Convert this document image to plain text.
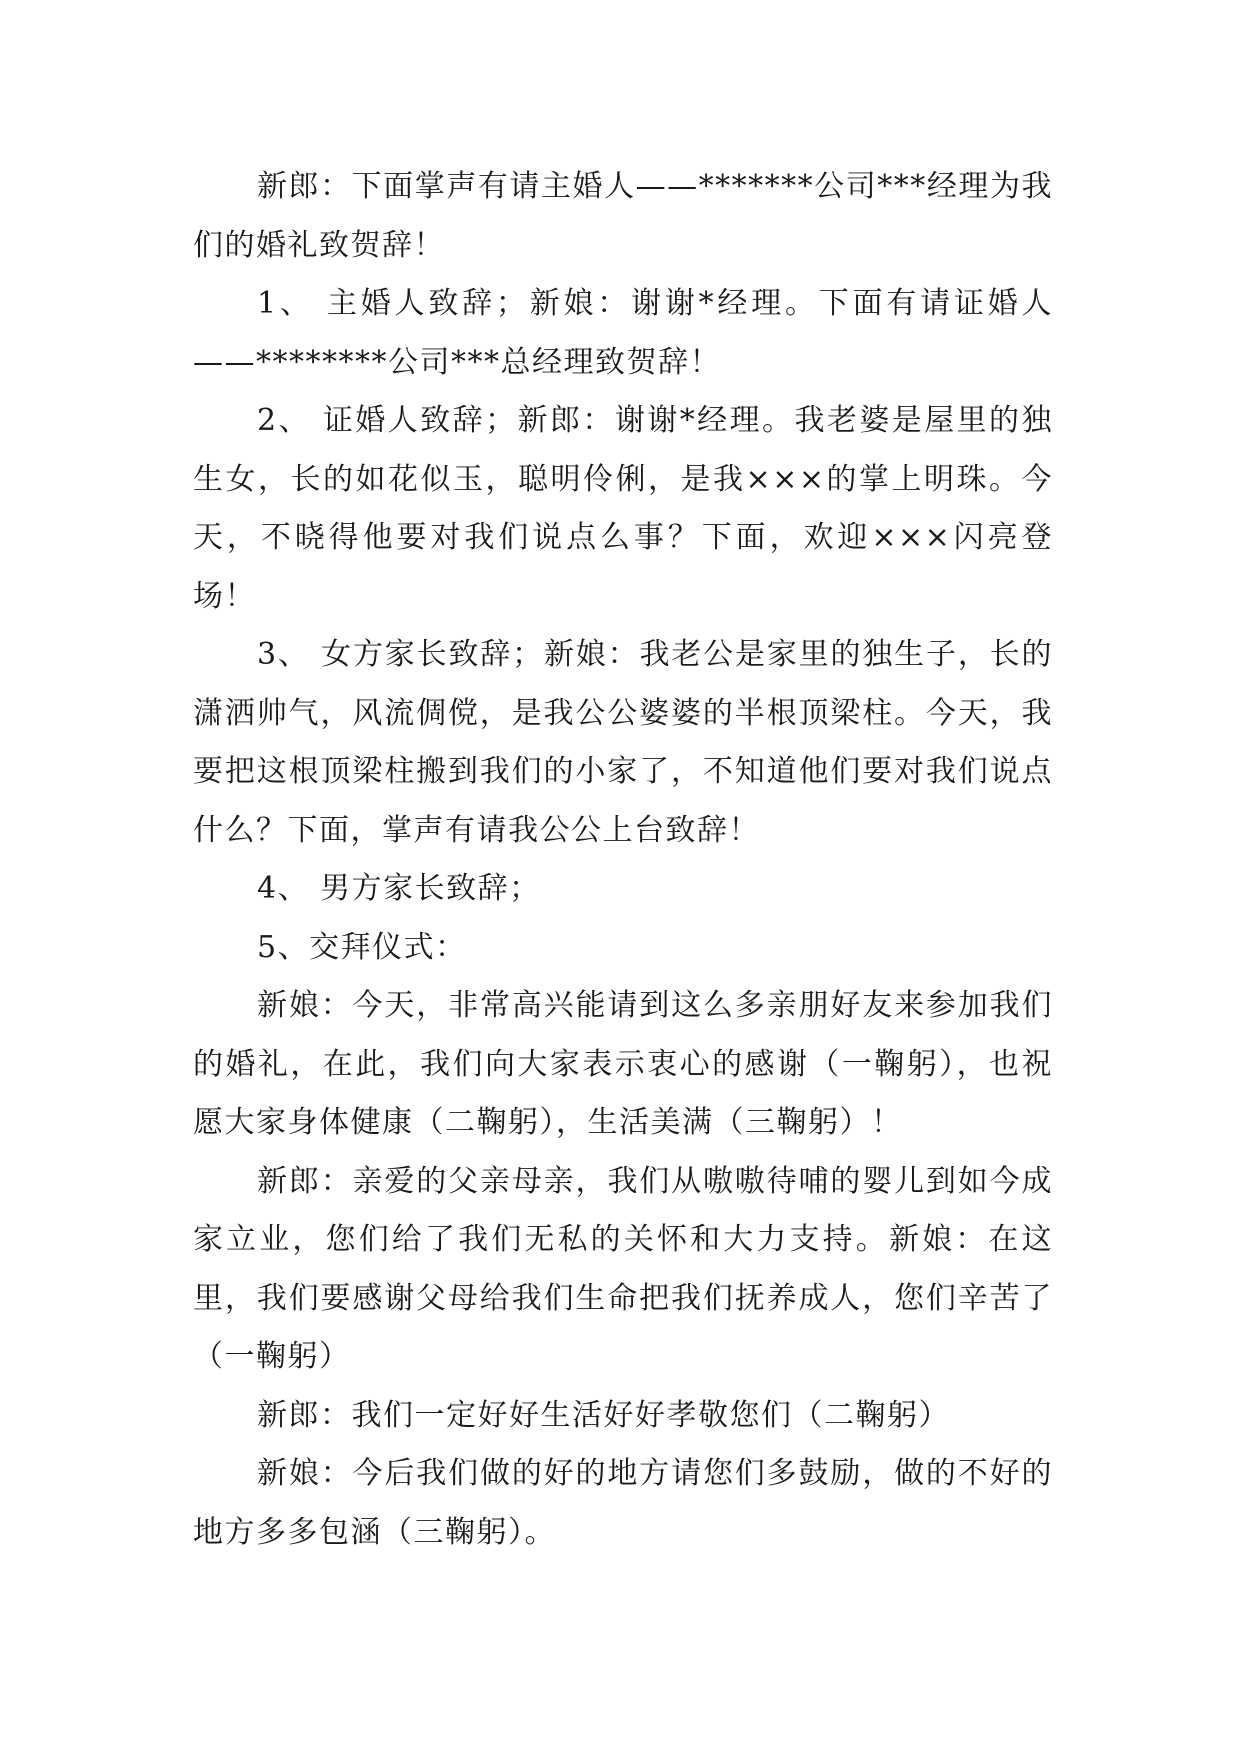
新郎：下面掌声有请主婚人——*******公司***经理为我们的婚礼致贺辞！

1、 主婚人致辞；新娘：谢谢*经理。下面有请证婚人——********公司***总经理致贺辞！

2、 证婚人致辞；新郎：谢谢*经理。我老婆是屋里的独生女，长的如花似玉，聪明伶俐，是我×××的掌上明珠。今天，不晓得他要对我们说点么事？下面，欢迎×××闪亮登场！

3、 女方家长致辞；新娘：我老公是家里的独生子，长的潇洒帅气，风流倜傥，是我公公婆婆的半根顶梁柱。今天，我要把这根顶梁柱搬到我们的小家了，不知道他们要对我们说点什么？下面，掌声有请我公公上台致辞！

4、 男方家长致辞；

5、交拜仪式：

新娘：今天，非常高兴能请到这么多亲朋好友来参加我们的婚礼，在此，我们向大家表示衷心的感谢（一鞠躬），也祝愿大家身体健康（二鞠躬），生活美满（三鞠躬）！

新郎：亲爱的父亲母亲，我们从嗷嗷待哺的婴儿到如今成家立业，您们给了我们无私的关怀和大力支持。新娘：在这里，我们要感谢父母给我们生命把我们抚养成人，您们辛苦了（一鞠躬）

新郎：我们一定好好生活好好孝敬您们（二鞠躬）

新娘：今后我们做的好的地方请您们多鼓励，做的不好的地方多多包涵（三鞠躬）。
